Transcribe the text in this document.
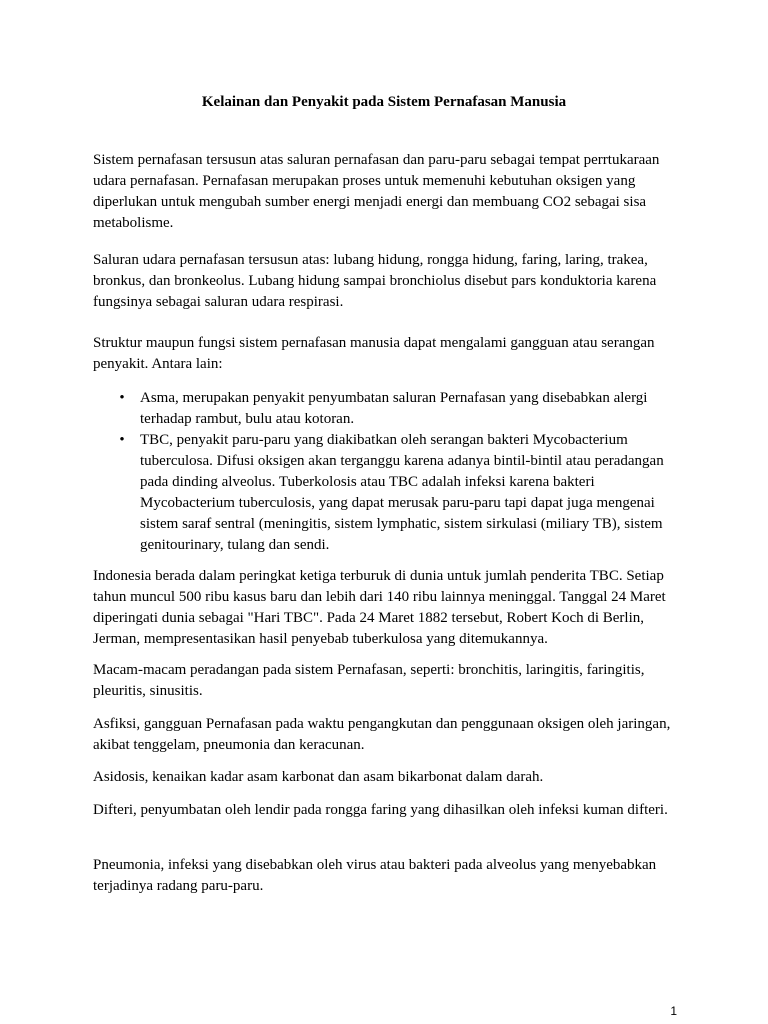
Kelainan dan Penyakit pada Sistem Pernafasan Manusia

Sistem pernafasan tersusun atas saluran pernafasan dan paru-paru sebagai tempat perrtukaraan udara pernafasan. Pernafasan merupakan proses untuk memenuhi kebutuhan oksigen yang diperlukan untuk mengubah sumber energi menjadi energi dan membuang CO2 sebagai sisa metabolisme.

Saluran udara pernafasan tersusun atas: lubang hidung, rongga hidung, faring, laring, trakea, bronkus, dan bronkeolus. Lubang hidung sampai bronchiolus disebut pars konduktoria karena fungsinya sebagai saluran udara respirasi.

Struktur maupun fungsi sistem pernafasan manusia dapat mengalami gangguan atau serangan penyakit. Antara lain:

• Asma, merupakan penyakit penyumbatan saluran Pernafasan yang disebabkan alergi terhadap rambut, bulu atau kotoran.
• TBC, penyakit paru-paru yang diakibatkan oleh serangan bakteri Mycobacterium tuberculosa. Difusi oksigen akan terganggu karena adanya bintil-bintil atau peradangan pada dinding alveolus. Tuberkolosis atau TBC adalah infeksi karena bakteri Mycobacterium tuberculosis, yang dapat merusak paru-paru tapi dapat juga mengenai sistem saraf sentral (meningitis, sistem lymphatic, sistem sirkulasi (miliary TB), sistem genitourinary, tulang dan sendi.

Indonesia berada dalam peringkat ketiga terburuk di dunia untuk jumlah penderita TBC. Setiap tahun muncul 500 ribu kasus baru dan lebih dari 140 ribu lainnya meninggal. Tanggal 24 Maret diperingati dunia sebagai "Hari TBC". Pada 24 Maret 1882 tersebut, Robert Koch di Berlin, Jerman, mempresentasikan hasil penyebab tuberkulosa yang ditemukannya.

Macam-macam peradangan pada sistem Pernafasan, seperti: bronchitis, laringitis, faringitis, pleuritis, sinusitis.

Asfiksi, gangguan Pernafasan pada waktu pengangkutan dan penggunaan oksigen oleh jaringan, akibat tenggelam, pneumonia dan keracunan.

Asidosis, kenaikan kadar asam karbonat dan asam bikarbonat dalam darah.

Difteri, penyumbatan oleh lendir pada rongga faring yang dihasilkan oleh infeksi kuman difteri.

Pneumonia, infeksi yang disebabkan oleh virus atau bakteri pada alveolus yang menyebabkan terjadinya radang paru-paru.

1
